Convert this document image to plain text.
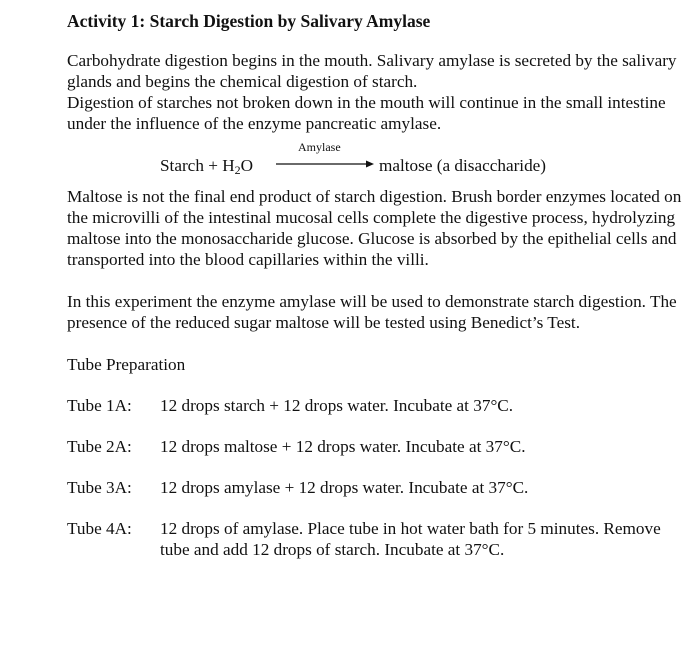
Activity 1: Starch Digestion by Salivary Amylase

Carbohydrate digestion begins in the mouth. Salivary amylase is secreted by the salivary glands and begins the chemical digestion of starch.

Digestion of starches not broken down in the mouth will continue in the small intestine under the influence of the enzyme pancreatic amylase.

Starch + $H_2O$
Amylase
maltose (a disaccharide)

Maltose is not the final end product of starch digestion. Brush border enzymes located on the microvilli of the intestinal mucosal cells complete the digestive process, hydrolyzing maltose into the monosaccharide glucose. Glucose is absorbed by the epithelial cells and transported into the blood capillaries within the villi.

In this experiment the enzyme amylase will be used to demonstrate starch digestion. The presence of the reduced sugar maltose will be tested using Benedict’s Test.

Tube Preparation

Tube 1A: 12 drops starch + 12 drops water. Incubate at 37°C.
Tube 2A: 12 drops maltose + 12 drops water. Incubate at 37°C.
Tube 3A: 12 drops amylase + 12 drops water. Incubate at 37°C.
Tube 4A: 12 drops of amylase. Place tube in hot water bath for 5 minutes. Remove tube and add 12 drops of starch. Incubate at 37°C.
